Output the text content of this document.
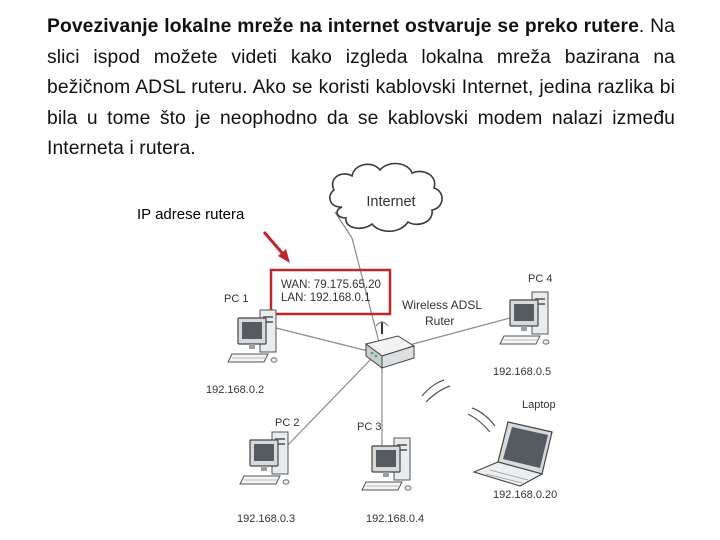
Povezivanje lokalne mreže na internet ostvaruje se preko rutere. Na slici ispod možete videti kako izgleda lokalna mreža bazirana na bežičnom ADSL ruteru. Ako se koristi kablovski Internet, jedina razlika bi bila u tome što je neophodno da se kablovski modem nalazi između Interneta i rutera.

IP adrese rutera
Internet
WAN: 79.175.65.20
LAN: 192.168.0.1	Wireless ADSL
Ruter
PC 1
192.168.0.2
PC 2
192.168.0.3
PC 3
192.168.0.4
PC 4
192.168.0.5
Laptop
192.168.0.20
